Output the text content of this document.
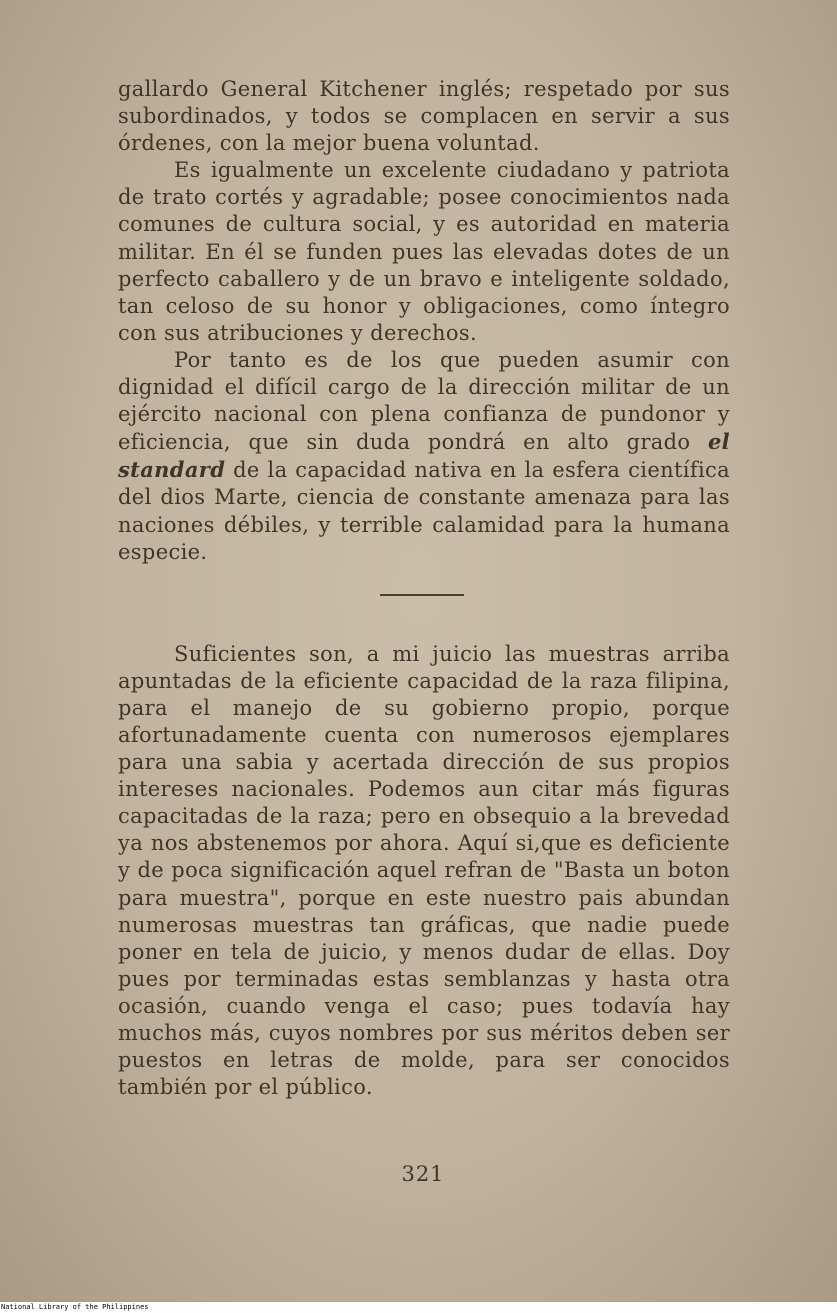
gallardo General Kitchener inglés; respetado por sus subordinados, y todos se complacen en servir a sus órdenes, con la mejor buena voluntad.

Es igualmente un excelente ciudadano y patriota de trato cortés y agradable; posee conocimientos nada comunes de cultura social, y es autoridad en materia militar. En él se funden pues las elevadas dotes de un perfecto caballero y de un bravo e inteligente soldado, tan celoso de su honor y obligaciones, como íntegro con sus atribuciones y derechos.

Por tanto es de los que pueden asumir con dignidad el difícil cargo de la dirección militar de un ejército nacional con plena confianza de pundonor y eficiencia, que sin duda pondrá en alto grado el standard de la capacidad nativa en la esfera científica del dios Marte, ciencia de constante amenaza para las naciones débiles, y terrible calamidad para la humana especie.

Suficientes son, a mi juicio las muestras arriba apuntadas de la eficiente capacidad de la raza filipina, para el manejo de su gobierno propio, porque afortunadamente cuenta con numerosos ejemplares para una sabia y acertada dirección de sus propios intereses nacionales. Podemos aun citar más figuras capacitadas de la raza; pero en obsequio a la brevedad ya nos abstenemos por ahora. Aquí si,que es deficiente y de poca significación aquel refran de "Basta un boton para muestra", porque en este nuestro pais abundan numerosas muestras tan gráficas, que nadie puede poner en tela de juicio, y menos dudar de ellas. Doy pues por terminadas estas semblanzas y hasta otra ocasión, cuando venga el caso; pues todavía hay muchos más, cuyos nombres por sus méritos deben ser puestos en letras de molde, para ser conocidos también por el público.

321
National Library of the Philippines
